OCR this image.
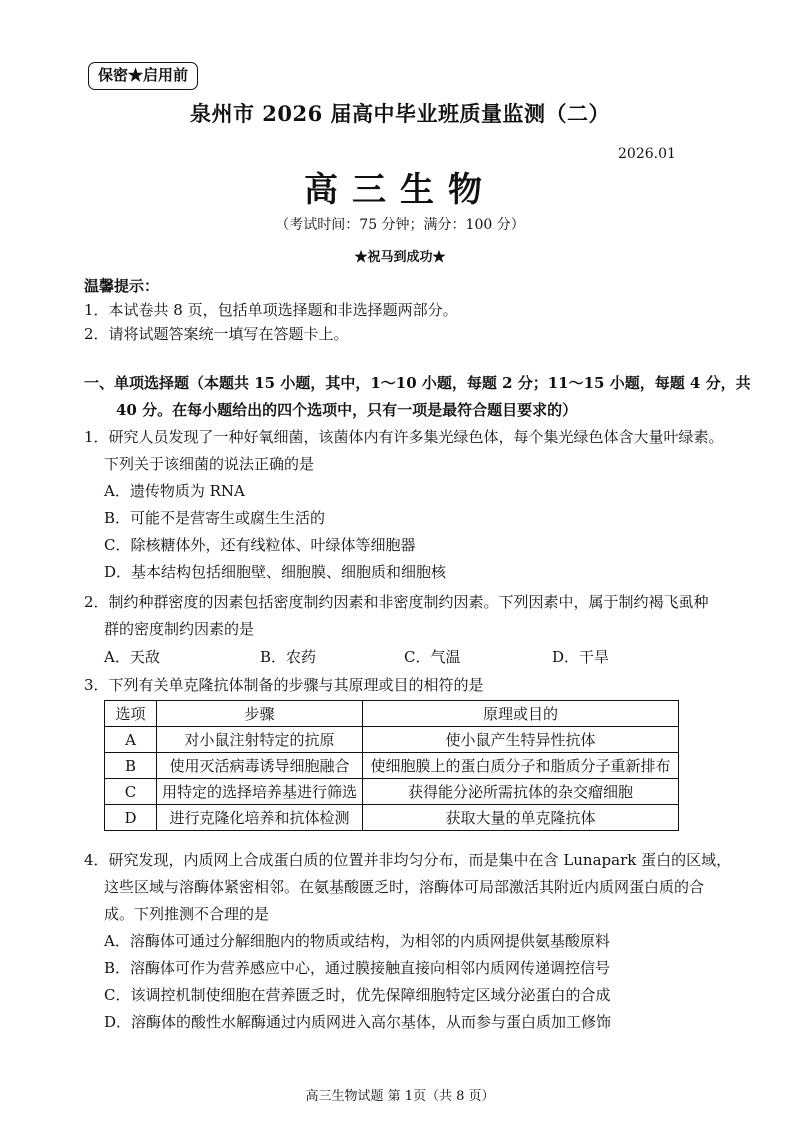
保密★启用前
泉州市 2026 届高中毕业班质量监测（二）
2026.01
高三生物
（考试时间：75 分钟；满分：100 分）
★祝马到成功★
温馨提示：
1．本试卷共 8 页，包括单项选择题和非选择题两部分。
2．请将试题答案统一填写在答题卡上。
一、单项选择题（本题共 15 小题，其中，1～10 小题，每题 2 分；11～15 小题，每题 4 分，共
40 分。在每小题给出的四个选项中，只有一项是最符合题目要求的）
1．研究人员发现了一种好氧细菌，该菌体内有许多集光绿色体，每个集光绿色体含大量叶绿素。
下列关于该细菌的说法正确的是
A．遗传物质为 RNA
B．可能不是营寄生或腐生生活的
C．除核糖体外，还有线粒体、叶绿体等细胞器
D．基本结构包括细胞壁、细胞膜、细胞质和细胞核
2．制约种群密度的因素包括密度制约因素和非密度制约因素。下列因素中，属于制约褐飞虱种
群的密度制约因素的是
A．天敌	B．农药	C．气温	D．干旱
3．下列有关单克隆抗体制备的步骤与其原理或目的相符的是
选项	步骤	原理或目的
A	对小鼠注射特定的抗原	使小鼠产生特异性抗体
B	使用灭活病毒诱导细胞融合	使细胞膜上的蛋白质分子和脂质分子重新排布
C	用特定的选择培养基进行筛选	获得能分泌所需抗体的杂交瘤细胞
D	进行克隆化培养和抗体检测	获取大量的单克隆抗体
4．研究发现，内质网上合成蛋白质的位置并非均匀分布，而是集中在含 Lunapark 蛋白的区域，
这些区域与溶酶体紧密相邻。在氨基酸匮乏时，溶酶体可局部激活其附近内质网蛋白质的合
成。下列推测不合理的是
A．溶酶体可通过分解细胞内的物质或结构，为相邻的内质网提供氨基酸原料
B．溶酶体可作为营养感应中心，通过膜接触直接向相邻内质网传递调控信号
C．该调控机制使细胞在营养匮乏时，优先保障细胞特定区域分泌蛋白的合成
D．溶酶体的酸性水解酶通过内质网进入高尔基体，从而参与蛋白质加工修饰
高三生物试题 第 1页（共 8 页）
